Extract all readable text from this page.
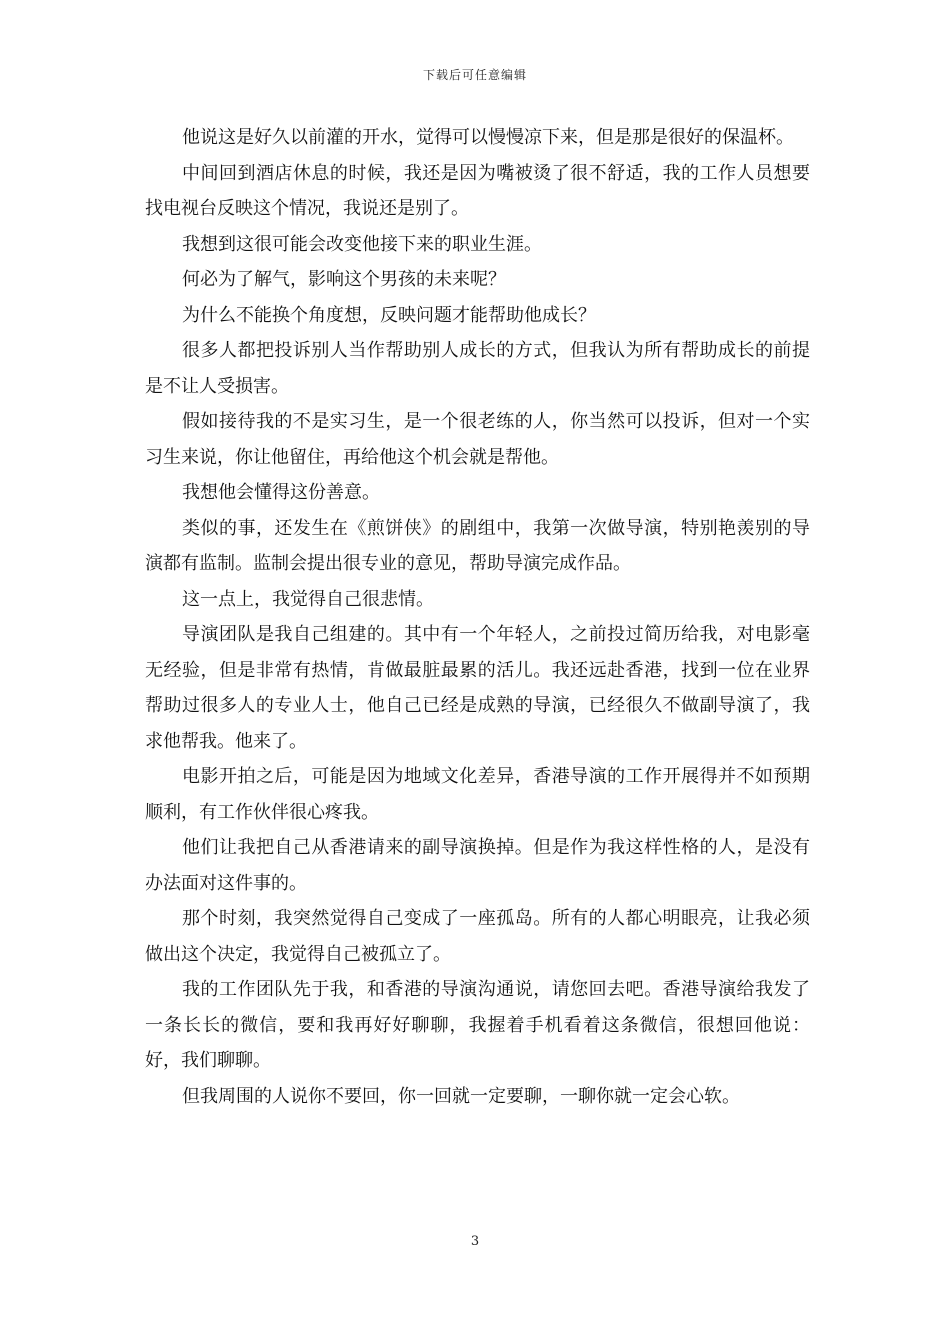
下载后可任意编辑

他说这是好久以前灌的开水，觉得可以慢慢凉下来，但是那是很好的保温杯。

中间回到酒店休息的时候，我还是因为嘴被烫了很不舒适，我的工作人员想要找电视台反映这个情况，我说还是别了。

我想到这很可能会改变他接下来的职业生涯。

何必为了解气，影响这个男孩的未来呢？

为什么不能换个角度想，反映问题才能帮助他成长？

很多人都把投诉别人当作帮助别人成长的方式，但我认为所有帮助成长的前提是不让人受损害。

假如接待我的不是实习生，是一个很老练的人，你当然可以投诉，但对一个实习生来说，你让他留住，再给他这个机会就是帮他。

我想他会懂得这份善意。

类似的事，还发生在《煎饼侠》的剧组中，我第一次做导演，特别艳羡别的导演都有监制。监制会提出很专业的意见，帮助导演完成作品。

这一点上，我觉得自己很悲情。

导演团队是我自己组建的。其中有一个年轻人，之前投过简历给我，对电影毫无经验，但是非常有热情，肯做最脏最累的活儿。我还远赴香港，找到一位在业界帮助过很多人的专业人士，他自己已经是成熟的导演，已经很久不做副导演了，我求他帮我。他来了。

电影开拍之后，可能是因为地域文化差异，香港导演的工作开展得并不如预期顺利，有工作伙伴很心疼我。

他们让我把自己从香港请来的副导演换掉。但是作为我这样性格的人，是没有办法面对这件事的。

那个时刻，我突然觉得自己变成了一座孤岛。所有的人都心明眼亮，让我必须做出这个决定，我觉得自己被孤立了。

我的工作团队先于我，和香港的导演沟通说，请您回去吧。香港导演给我发了一条长长的微信，要和我再好好聊聊，我握着手机看着这条微信，很想回他说：好，我们聊聊。

但我周围的人说你不要回，你一回就一定要聊，一聊你就一定会心软。

3
